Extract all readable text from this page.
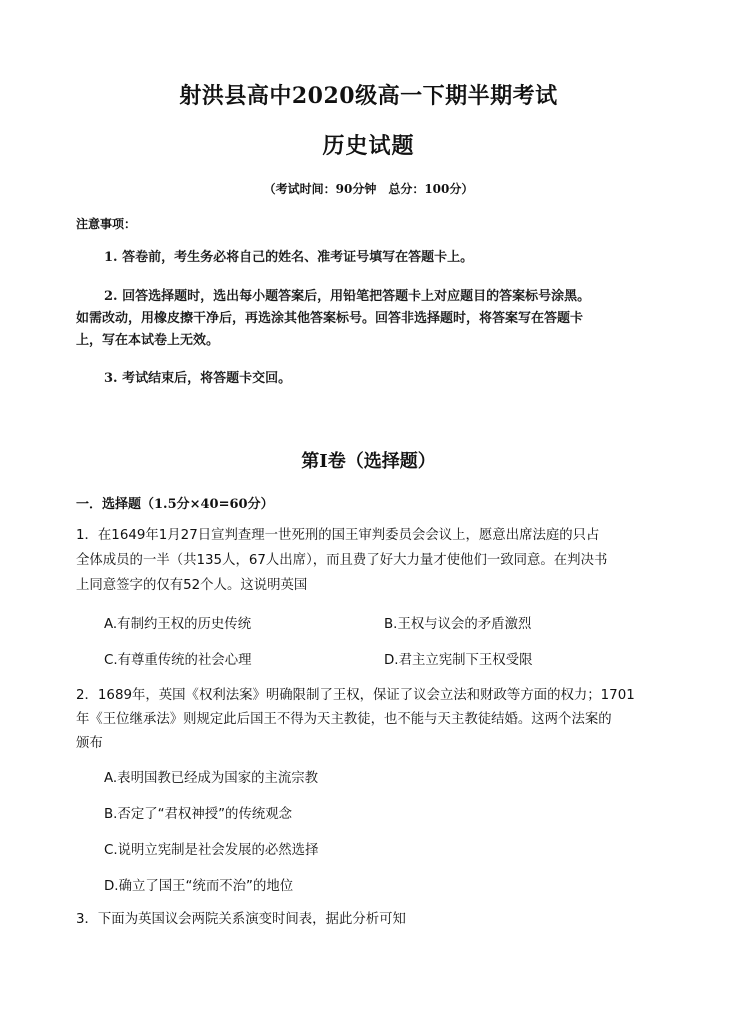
射洪县高中2020级高一下期半期考试
历史试题
（考试时间：90分钟　总分：100分）
注意事项：
1. 答卷前，考生务必将自己的姓名、准考证号填写在答题卡上。
2. 回答选择题时，选出每小题答案后，用铅笔把答题卡上对应题目的答案标号涂黑。
如需改动，用橡皮擦干净后，再选涂其他答案标号。回答非选择题时，将答案写在答题卡
上，写在本试卷上无效。
3. 考试结束后，将答题卡交回。
第Ⅰ卷（选择题）
一．选择题（1.5分×40=60分）
1．在1649年1月27日宣判查理一世死刑的国王审判委员会会议上，愿意出席法庭的只占
全体成员的一半（共135人，67人出席），而且费了好大力量才使他们一致同意。在判决书
上同意签字的仅有52个人。这说明英国
A.有制约王权的历史传统	B.王权与议会的矛盾激烈
C.有尊重传统的社会心理	D.君主立宪制下王权受限
2．1689年，英国《权利法案》明确限制了王权，保证了议会立法和财政等方面的权力；1701
年《王位继承法》则规定此后国王不得为天主教徒，也不能与天主教徒结婚。这两个法案的
颁布
A.表明国教已经成为国家的主流宗教
B.否定了“君权神授”的传统观念
C.说明立宪制是社会发展的必然选择
D.确立了国王“统而不治”的地位
3．下面为英国议会两院关系演变时间表，据此分析可知
